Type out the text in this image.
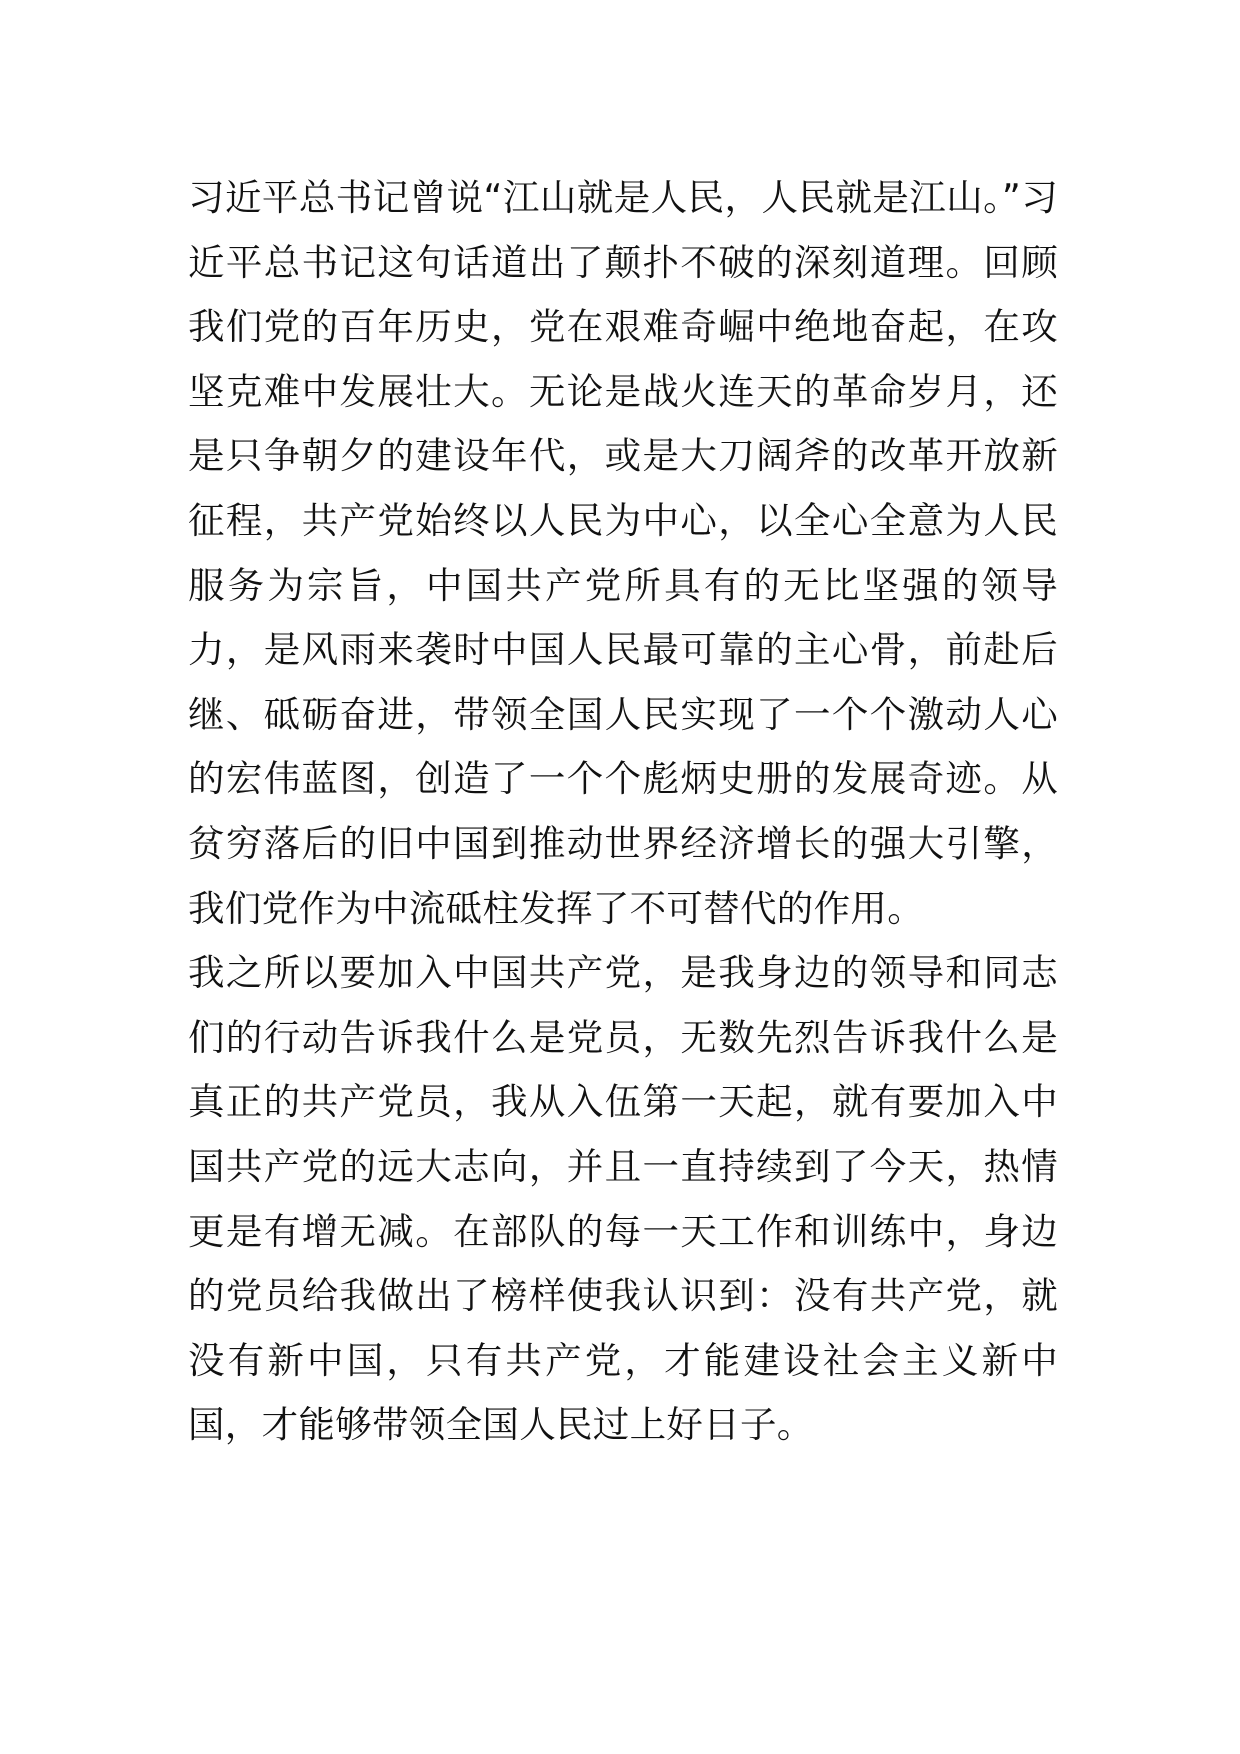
习近平总书记曾说“江山就是人民，人民就是江山。”习近平总书记这句话道出了颠扑不破的深刻道理。回顾我们党的百年历史，党在艰难奇崛中绝地奋起，在攻坚克难中发展壮大。无论是战火连天的革命岁月，还是只争朝夕的建设年代，或是大刀阔斧的改革开放新征程，共产党始终以人民为中心，以全心全意为人民服务为宗旨，中国共产党所具有的无比坚强的领导力，是风雨来袭时中国人民最可靠的主心骨，前赴后继、砥砺奋进，带领全国人民实现了一个个激动人心的宏伟蓝图，创造了一个个彪炳史册的发展奇迹。从贫穷落后的旧中国到推动世界经济增长的强大引擎，我们党作为中流砥柱发挥了不可替代的作用。

我之所以要加入中国共产党，是我身边的领导和同志们的行动告诉我什么是党员，无数先烈告诉我什么是真正的共产党员，我从入伍第一天起，就有要加入中国共产党的远大志向，并且一直持续到了今天，热情更是有增无减。在部队的每一天工作和训练中，身边的党员给我做出了榜样使我认识到：没有共产党，就没有新中国，只有共产党，才能建设社会主义新中国，才能够带领全国人民过上好日子。
